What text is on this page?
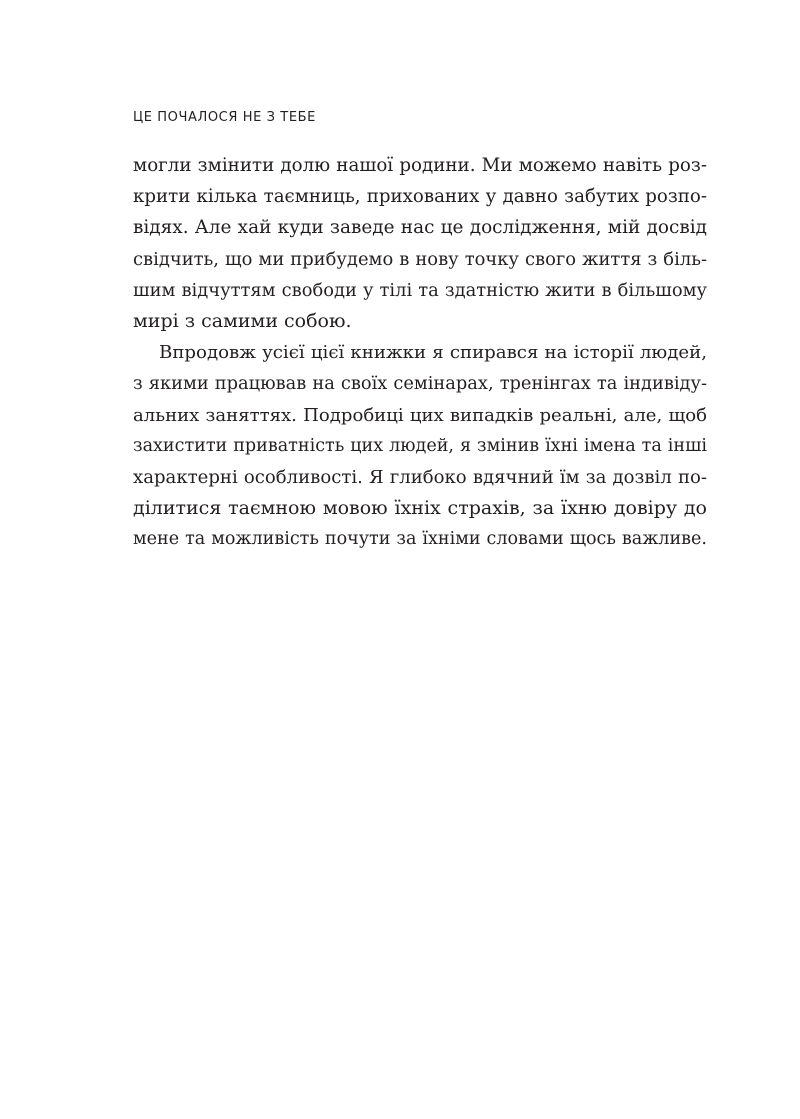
ЦЕ ПОЧАЛОСЯ НЕ З ТЕБЕ
могли змінити долю нашої родини. Ми можемо навіть роз-
крити кілька таємниць, прихованих у давно забутих розпо-
відях. Але хай куди заведе нас це дослідження, мій досвід
свідчить, що ми прибудемо в нову точку свого життя з біль-
шим відчуттям свободи у тілі та здатністю жити в більшому
мирі з самими собою.
Впродовж усієї цієї книжки я спирався на історії людей,
з якими працював на своїх семінарах, тренінгах та індивіду-
альних заняттях. Подробиці цих випадків реальні, але, щоб
захистити приватність цих людей, я змінив їхні імена та інші
характерні особливості. Я глибоко вдячний їм за дозвіл по-
ділитися таємною мовою їхніх страхів, за їхню довіру до
мене та можливість почути за їхніми словами щось важливе.
